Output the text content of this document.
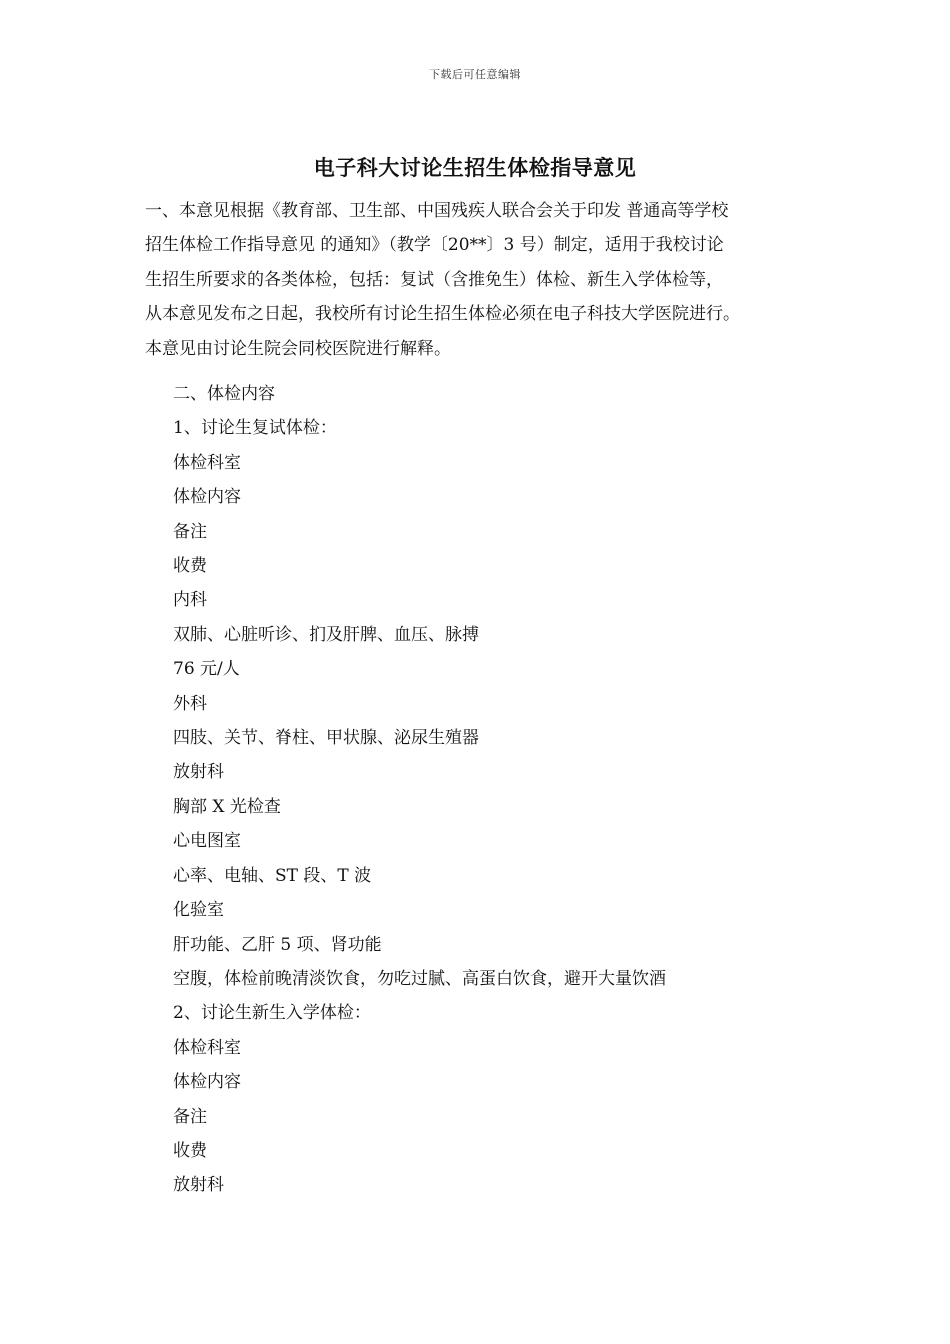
下载后可任意编辑
电子科大讨论生招生体检指导意见
一、本意见根据《教育部、卫生部、中国残疾人联合会关于印发 普通高等学校
招生体检工作指导意见 的通知》（教学〔20**〕3 号）制定，适用于我校讨论
生招生所要求的各类体检，包括：复试（含推免生）体检、新生入学体检等，
从本意见发布之日起，我校所有讨论生招生体检必须在电子科技大学医院进行。
本意见由讨论生院会同校医院进行解释。
二、体检内容
1、讨论生复试体检：
体检科室
体检内容
备注
收费
内科
双肺、心脏听诊、扪及肝脾、血压、脉搏
76 元/人
外科
四肢、关节、脊柱、甲状腺、泌尿生殖器
放射科
胸部 X 光检查
心电图室
心率、电轴、ST 段、T 波
化验室
肝功能、乙肝 5 项、肾功能
空腹，体检前晚清淡饮食，勿吃过腻、高蛋白饮食，避开大量饮酒
2、讨论生新生入学体检：
体检科室
体检内容
备注
收费
放射科
